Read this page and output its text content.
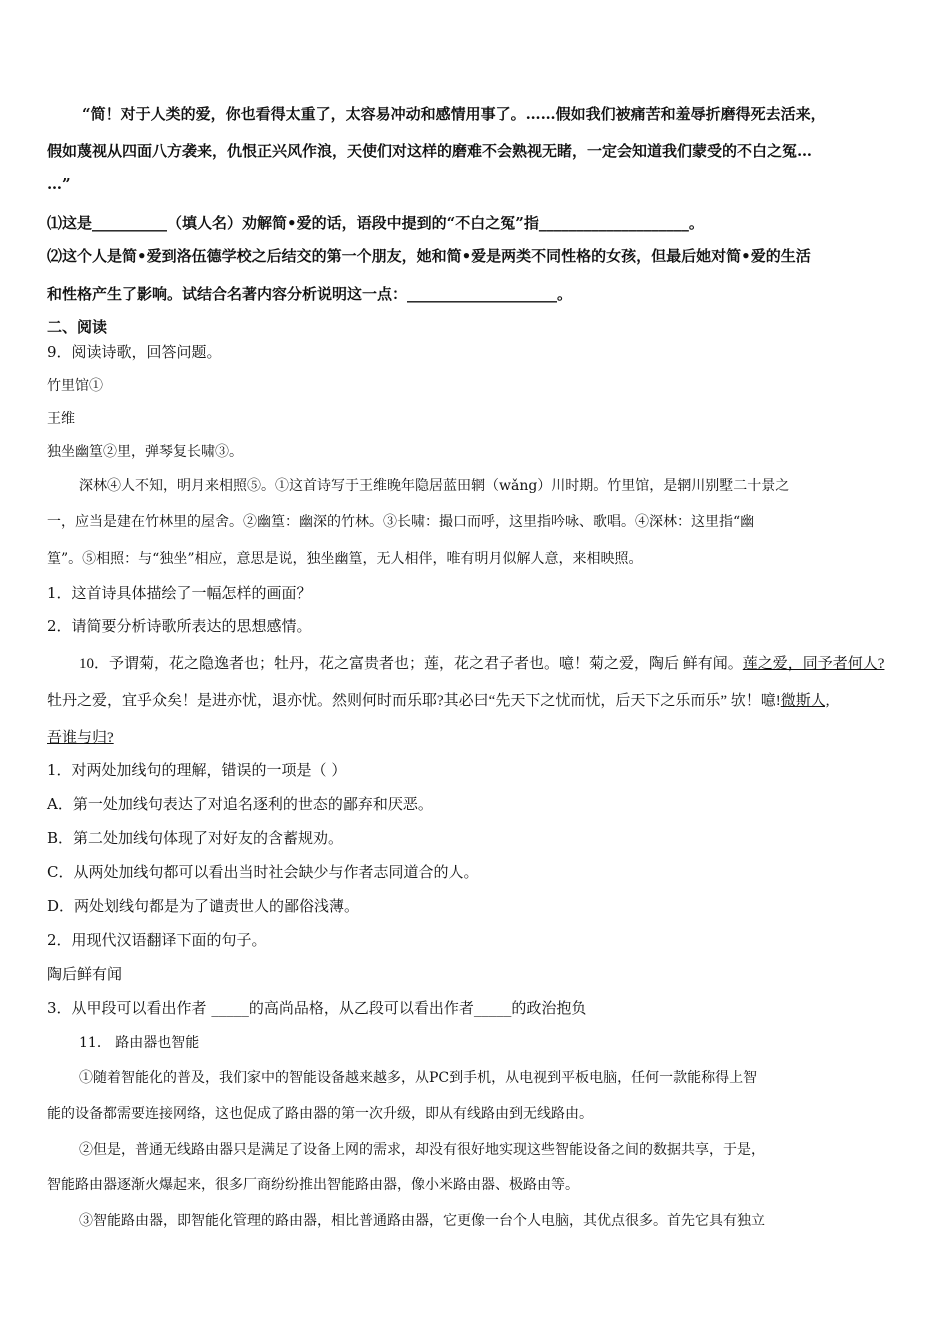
“简！对于人类的爱，你也看得太重了，太容易冲动和感情用事了。……假如我们被痛苦和羞辱折磨得死去活来，
假如蔑视从四面八方袭来，仇恨正兴风作浪，天使们对这样的磨难不会熟视无睹，一定会知道我们蒙受的不白之冤…
…”
⑴这是__________（填人名）劝解简•爱的话，语段中提到的“不白之冤”指____________________。
⑵这个人是简•爱到洛伍德学校之后结交的第一个朋友，她和简•爱是两类不同性格的女孩，但最后她对简•爱的生活
和性格产生了影响。试结合名著内容分析说明这一点：____________________。
二、阅读
9．阅读诗歌，回答问题。
竹里馆①
王维
独坐幽篁②里，弹琴复长啸③。
深林④人不知，明月来相照⑤。①这首诗写于王维晚年隐居蓝田辋（wǎng）川时期。竹里馆，是辋川别墅二十景之
一，应当是建在竹林里的屋舍。②幽篁：幽深的竹林。③长啸：撮口而呼，这里指吟咏、歌唱。④深林：这里指“幽
篁”。⑤相照：与“独坐”相应，意思是说，独坐幽篁，无人相伴，唯有明月似解人意，来相映照。
1．这首诗具体描绘了一幅怎样的画面？
2．请简要分析诗歌所表达的思想感情。
10．予谓菊，花之隐逸者也；牡丹，花之富贵者也；莲，花之君子者也。噫！菊之爱，陶后 鲜有闻。莲之爱，同予者何人?
牡丹之爱，宜乎众矣！是进亦忧，退亦忧。然则何时而乐耶?其必曰“先天下之忧而忧，后天下之乐而乐” 欤！噫!微斯人,
吾谁与归?
1．对两处加线句的理解，错误的一项是（ ）
A．第一处加线句表达了对追名逐利的世态的鄙弃和厌恶。
B．第二处加线句体现了对好友的含蓄规劝。
C．从两处加线句都可以看出当时社会缺少与作者志同道合的人。
D．两处划线句都是为了谴责世人的鄙俗浅薄。
2．用现代汉语翻译下面的句子。
陶后鲜有闻
3．从甲段可以看出作者 _____的高尚品格，从乙段可以看出作者_____的政治抱负
11． 路由器也智能
①随着智能化的普及，我们家中的智能设备越来越多，从PC到手机，从电视到平板电脑，任何一款能称得上智
能的设备都需要连接网络，这也促成了路由器的第一次升级，即从有线路由到无线路由。
②但是，普通无线路由器只是满足了设备上网的需求，却没有很好地实现这些智能设备之间的数据共享，于是，
智能路由器逐渐火爆起来，很多厂商纷纷推出智能路由器，像小米路由器、极路由等。
③智能路由器，即智能化管理的路由器，相比普通路由器，它更像一台个人电脑，其优点很多。首先它具有独立
